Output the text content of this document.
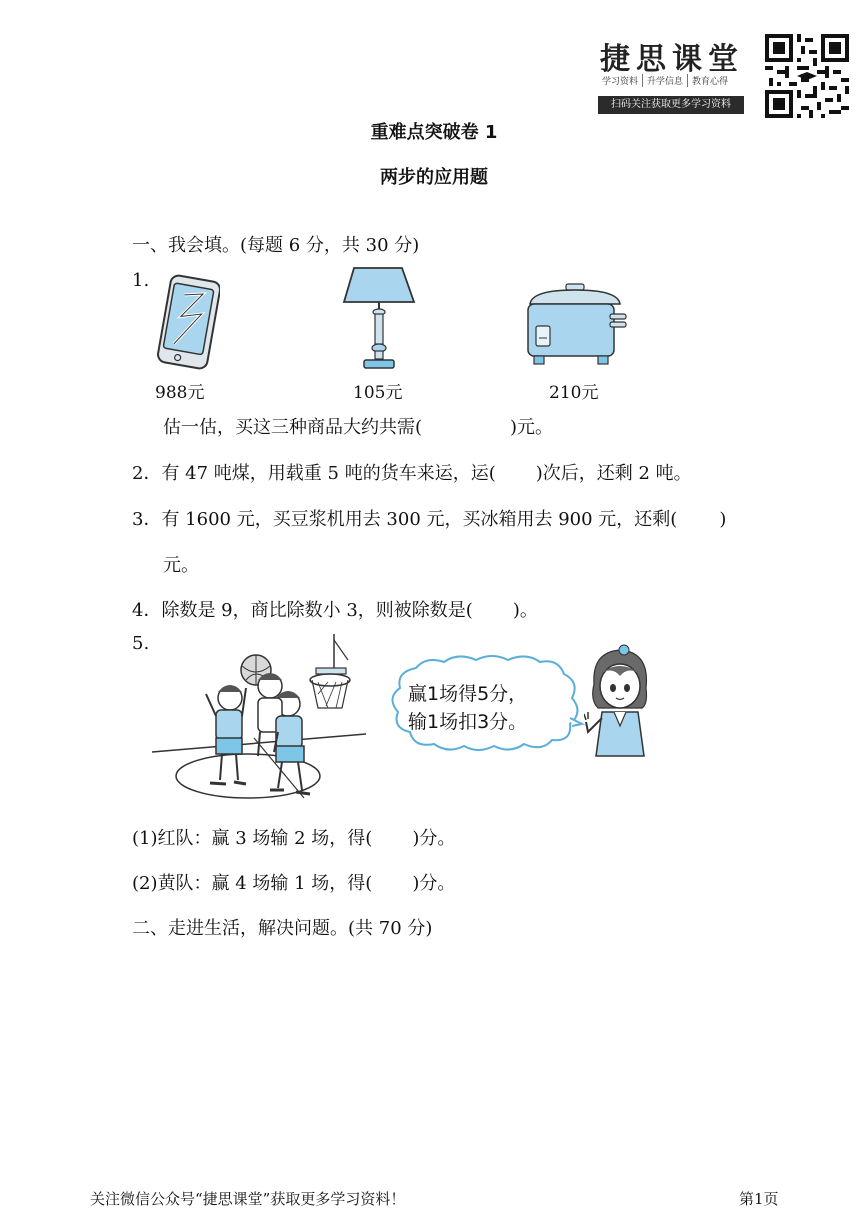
捷思课堂
学习资料	升学信息	教育心得
扫码关注获取更多学习资料
重难点突破卷 1
两步的应用题
一、我会填。(每题 6 分，共 30 分)
1.
988元	105元	210元
估一估，买这三种商品大约共需(	)元。
2．有 47 吨煤，用载重 5 吨的货车来运，运( )次后，还剩 2 吨。
3．有 1600 元，买豆浆机用去 300 元，买冰箱用去 900 元，还剩( )
元。
4．除数是 9，商比除数小 3，则被除数是( )。
5.
赢1场得5分，
输1场扣3分。
(1)红队：赢 3 场输 2 场，得( )分。
(2)黄队：赢 4 场输 1 场，得( )分。
二、走进生活，解决问题。(共 70 分)
关注微信公众号“捷思课堂”获取更多学习资料！	第1页
